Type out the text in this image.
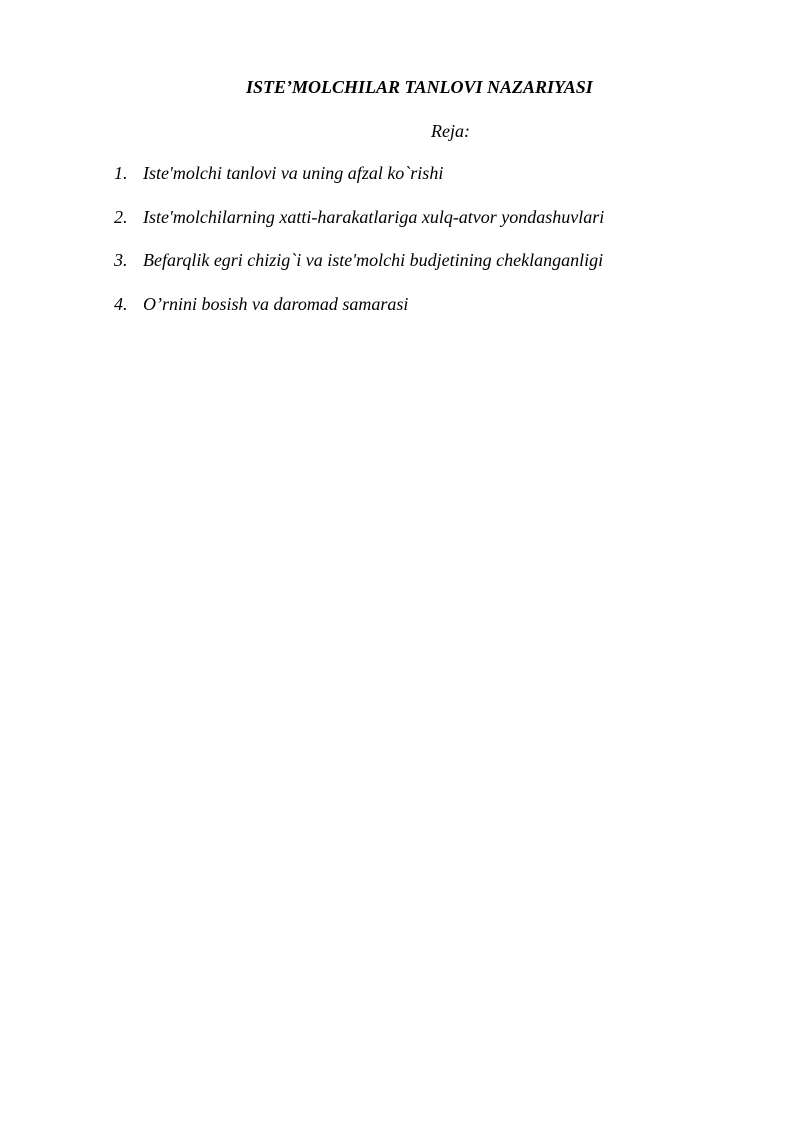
ISTE’MOLCHILAR TANLOVI NAZARIYASI
Reja:
1. Iste'molchi tanlovi va uning afzal ko`rishi
2. Iste'molchilarning xatti-harakatlariga xulq-atvor yondashuvlari
3. Befarqlik egri chizig`i va iste'molchi budjetining cheklanganligi
4. O’rnini bosish va daromad samarasi
